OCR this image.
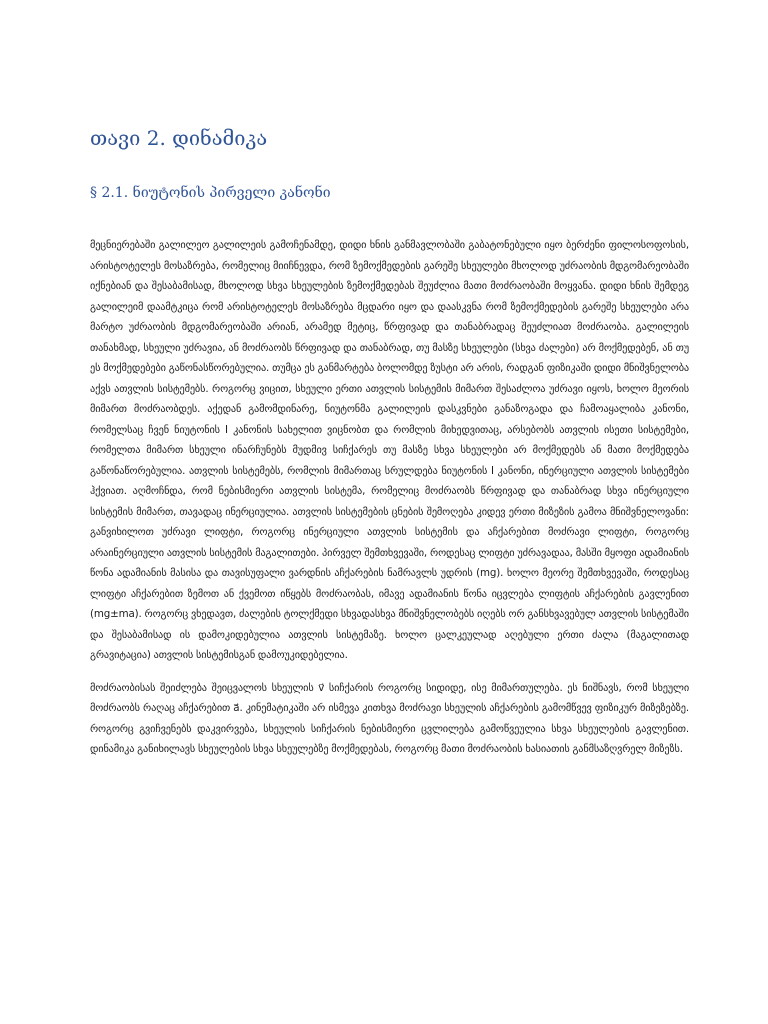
თავი 2. დინამიკა
§ 2.1. ნიუტონის პირველი კანონი

მეცნიერებაში გალილეო გალილეის გამოჩენამდე, დიდი ხნის განმავლობაში გაბატონებული იყო ბერძენი ფილოსოფოსის, არისტოტელეს მოსაზრება, რომელიც მიიჩნევდა, რომ ზემოქმედების გარეშე სხეულები მხოლოდ უძრაობის მდგომარეობაში იქნებიან და შესაბამისად, მხოლოდ სხვა სხეულების ზემოქმედებას შეუძლია მათი მოძრაობაში მოყვანა. დიდი ხნის შემდეგ გალილეიმ დაამტკიცა რომ არისტოტელეს მოსაზრება მცდარი იყო და დაასკვნა რომ ზემოქმედების გარეშე სხეულები არა მარტო უძრაობის მდგომარეობაში არიან, არამედ მეტიც, წრფივად და თანაბრადაც შეუძლიათ მოძრაობა. გალილეის თანახმად, სხეული უძრავია, ან მოძრაობს წრფივად და თანაბრად, თუ მასზე სხეულები (სხვა ძალები) არ მოქმედებენ, ან თუ ეს მოქმედებები გაწონასწორებულია. თუმცა ეს განმარტება ბოლომდე ზუსტი არ არის, რადგან ფიზიკაში დიდი მნიშვნელობა აქვს ათვლის სისტემებს. როგორც ვიცით, სხეული ერთი ათვლის სისტემის მიმართ შესაძლოა უძრავი იყოს, ხოლო მეორის მიმართ მოძრაობდეს. აქედან გამომდინარე, ნიუტონმა გალილეის დასკვნები განაზოგადა და ჩამოაყალიბა კანონი, რომელსაც ჩვენ ნიუტონის I კანონის სახელით ვიცნობთ და რომლის მიხედვითაც, არსებობს ათვლის ისეთი სისტემები, რომელთა მიმართ სხეული ინარჩუნებს მუდმივ სიჩქარეს თუ მასზე სხვა სხეულები არ მოქმედებს ან მათი მოქმედება გაწონაწორებულია. ათვლის სისტემებს, რომლის მიმართაც სრულდება ნიუტონის I კანონი, ინერციული ათვლის სისტემები ჰქვიათ. აღმოჩნდა, რომ ნებისმიერი ათვლის სისტემა, რომელიც მოძრაობს წრფივად და თანაბრად სხვა ინერციული სისტემის მიმართ, თავადაც ინერციულია. ათვლის სისტემების ცნების შემოღება კიდევ ერთი მიზეზის გამოა მნიშვნელოვანი: განვიხილოთ უძრავი ლიფტი, როგორც ინერციული ათვლის სისტემის და აჩქარებით მოძრავი ლიფტი, როგორც არაინერციული ათვლის სისტემის მაგალითები. პირველ შემთხვევაში, როდესაც ლიფტი უძრავადაა, მასში მყოფი ადამიანის წონა ადამიანის მასისა და თავისუფალი ვარდნის აჩქარების ნამრავლს უდრის (mg). ხოლო მეორე შემთხვევაში, როდესაც ლიფტი აჩქარებით ზემოთ ან ქვემოთ იწყებს მოძრაობას, იმავე ადამიანის წონა იცვლება ლიფტის აჩქარების გავლენით (mg±ma). როგორც ვხედავთ, ძალების ტოლქმედი სხვადასხვა მნიშვნელობებს იღებს ორ განსხვავებულ ათვლის სისტემაში და შესაბამისად ის დამოკიდებულია ათვლის სისტემაზე. ხოლო ცალკეულად აღებული ერთი ძალა (მაგალითად გრავიტაცია) ათვლის სისტემისგან დამოუკიდებელია.

მოძრაობისას შეიძლება შეიცვალოს სხეულის v⃗ სიჩქარის როგორც სიდიდე, ისე მიმართულება. ეს ნიშნავს, რომ სხეული მოძრაობს რაღაც აჩქარებით a⃗. კინემატიკაში არ ისმევა კითხვა მოძრავი სხეულის აჩქარების გამომწვევ ფიზიკურ მიზეზებზე. როგორც გვიჩვენებს დაკვირვება, სხეულის სიჩქარის ნებისმიერი ცვლილება გამოწვეულია სხვა სხეულების გავლენით. დინამიკა განიხილავს სხეულების სხვა სხეულებზე მოქმედებას, როგორც მათი მოძრაობის ხასიათის განმსაზღვრელ მიზეზს.
